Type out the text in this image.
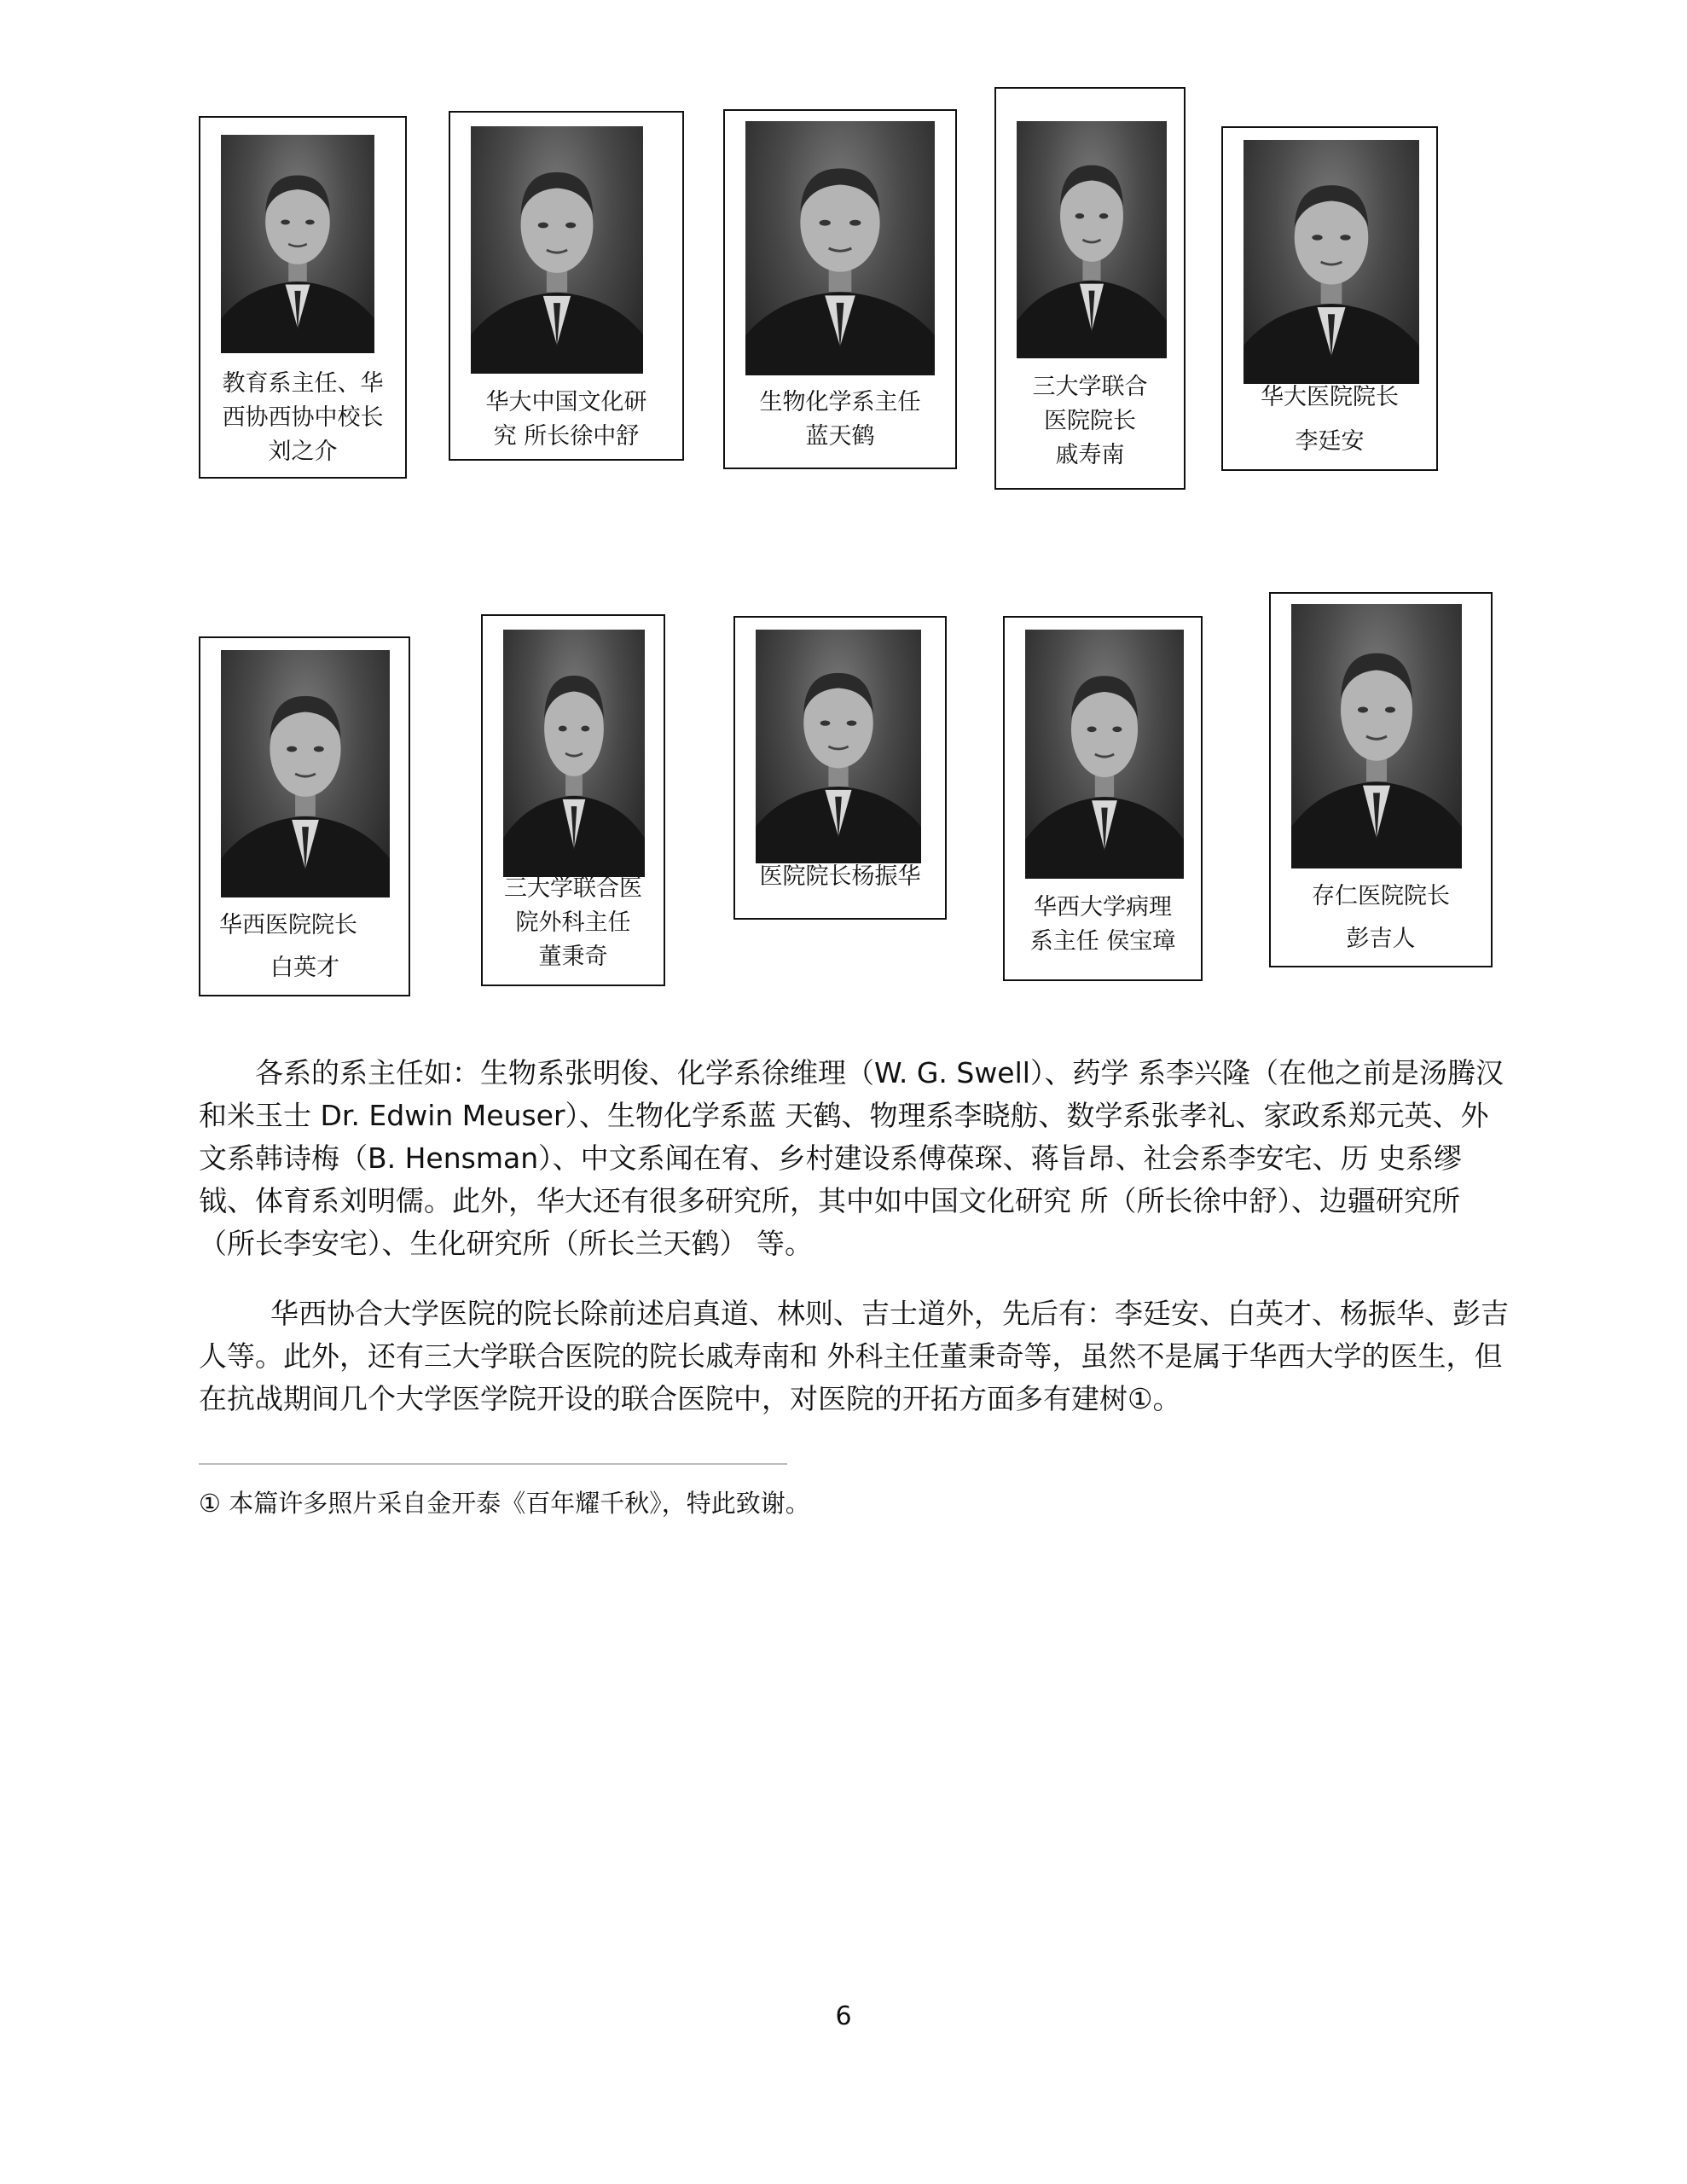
教育系主任、华
西协西协中校长
刘之介
华大中国文化研
究 所长徐中舒
生物化学系主任
蓝天鹤
三大学联合
医院院长
戚寿南
华大医院院长
李廷安
华西医院院长
白英才
三大学联合医
院外科主任
董秉奇
医院院长杨振华
华西大学病理
系主任 侯宝璋
存仁医院院长
彭吉人

各系的系主任如：生物系张明俊、化学系徐维理（W. G. Swell）、药学 系李兴隆（在他之前是汤腾汉和米玉士 Dr. Edwin Meuser）、生物化学系蓝 天鹤、物理系李晓舫、数学系张孝礼、家政系郑元英、外文系韩诗梅（B. Hensman）、中文系闻在宥、乡村建设系傅葆琛、蒋旨昂、社会系李安宅、历 史系缪钺、体育系刘明儒。此外，华大还有很多研究所，其中如中国文化研究 所（所长徐中舒）、边疆研究所（所长李安宅）、生化研究所（所长兰天鹤） 等。

华西协合大学医院的院长除前述启真道、林则、吉士道外，先后有：李廷安、白英才、杨振华、彭吉人等。此外，还有三大学联合医院的院长戚寿南和 外科主任董秉奇等，虽然不是属于华西大学的医生，但在抗战期间几个大学医学院开设的联合医院中，对医院的开拓方面多有建树①。

① 本篇许多照片采自金开泰《百年耀千秋》，特此致谢。
6
